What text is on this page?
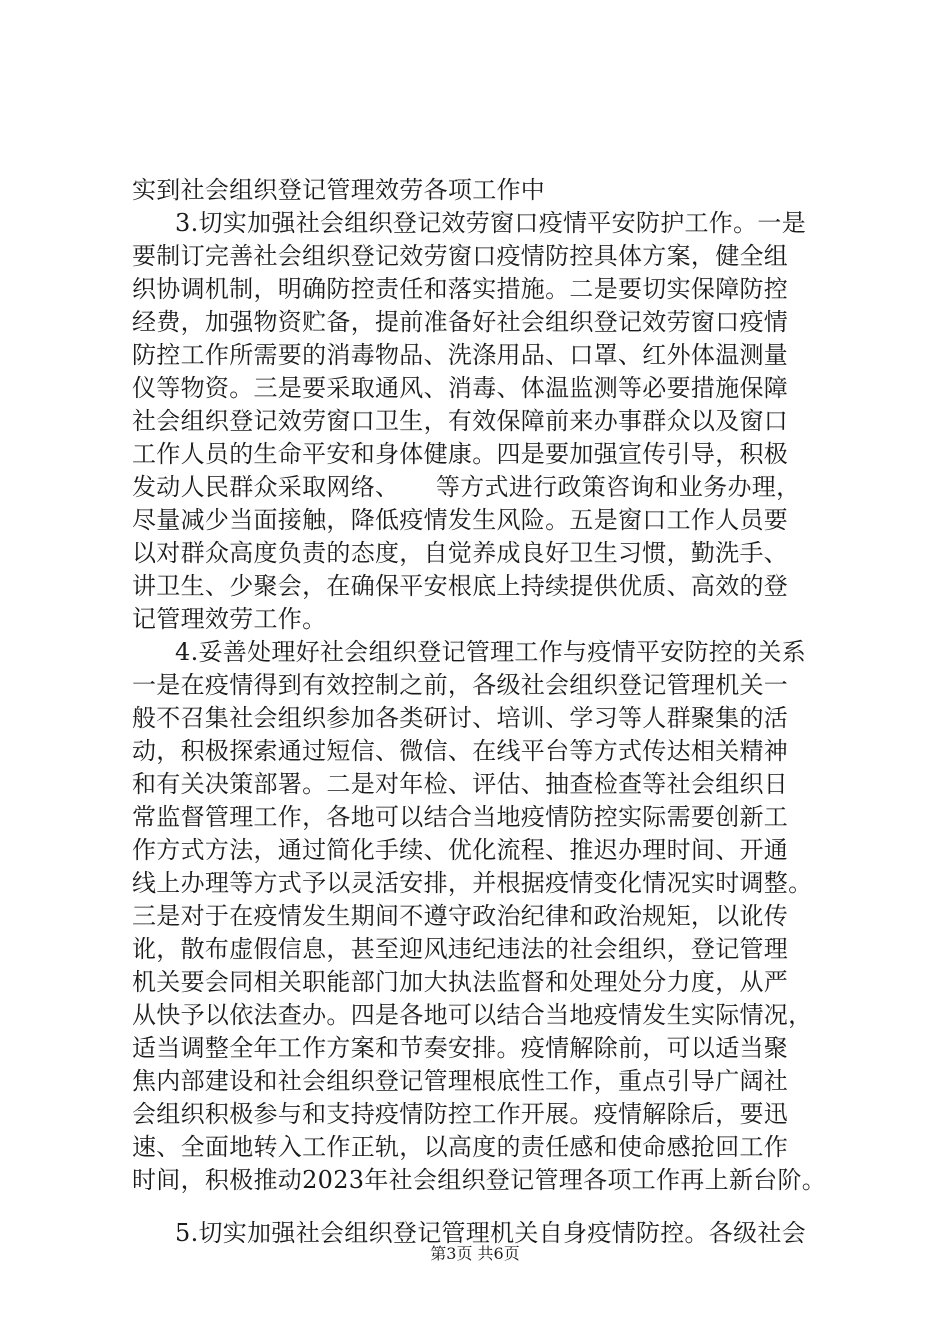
实到社会组织登记管理效劳各项工作中
3.切实加强社会组织登记效劳窗口疫情平安防护工作。一是
要制订完善社会组织登记效劳窗口疫情防控具体方案，健全组
织协调机制，明确防控责任和落实措施。二是要切实保障防控
经费，加强物资贮备，提前准备好社会组织登记效劳窗口疫情
防控工作所需要的消毒物品、洗涤用品、口罩、红外体温测量
仪等物资。三是要采取通风、消毒、体温监测等必要措施保障
社会组织登记效劳窗口卫生，有效保障前来办事群众以及窗口
工作人员的生命平安和身体健康。四是要加强宣传引导，积极
发动人民群众采取网络、　　等方式进行政策咨询和业务办理，
尽量减少当面接触，降低疫情发生风险。五是窗口工作人员要
以对群众高度负责的态度，自觉养成良好卫生习惯，勤洗手、
讲卫生、少聚会，在确保平安根底上持续提供优质、高效的登
记管理效劳工作。
4.妥善处理好社会组织登记管理工作与疫情平安防控的关系
一是在疫情得到有效控制之前，各级社会组织登记管理机关一
般不召集社会组织参加各类研讨、培训、学习等人群聚集的活
动，积极探索通过短信、微信、在线平台等方式传达相关精神
和有关决策部署。二是对年检、评估、抽查检查等社会组织日
常监督管理工作，各地可以结合当地疫情防控实际需要创新工
作方式方法，通过简化手续、优化流程、推迟办理时间、开通
线上办理等方式予以灵活安排，并根据疫情变化情况实时调整。
三是对于在疫情发生期间不遵守政治纪律和政治规矩，以讹传
讹，散布虚假信息，甚至迎风违纪违法的社会组织，登记管理
机关要会同相关职能部门加大执法监督和处理处分力度，从严
从快予以依法查办。四是各地可以结合当地疫情发生实际情况，
适当调整全年工作方案和节奏安排。疫情解除前，可以适当聚
焦内部建设和社会组织登记管理根底性工作，重点引导广阔社
会组织积极参与和支持疫情防控工作开展。疫情解除后，要迅
速、全面地转入工作正轨，以高度的责任感和使命感抢回工作
时间，积极推动2023年社会组织登记管理各项工作再上新台阶。
5.切实加强社会组织登记管理机关自身疫情防控。各级社会
第3页 共6页
